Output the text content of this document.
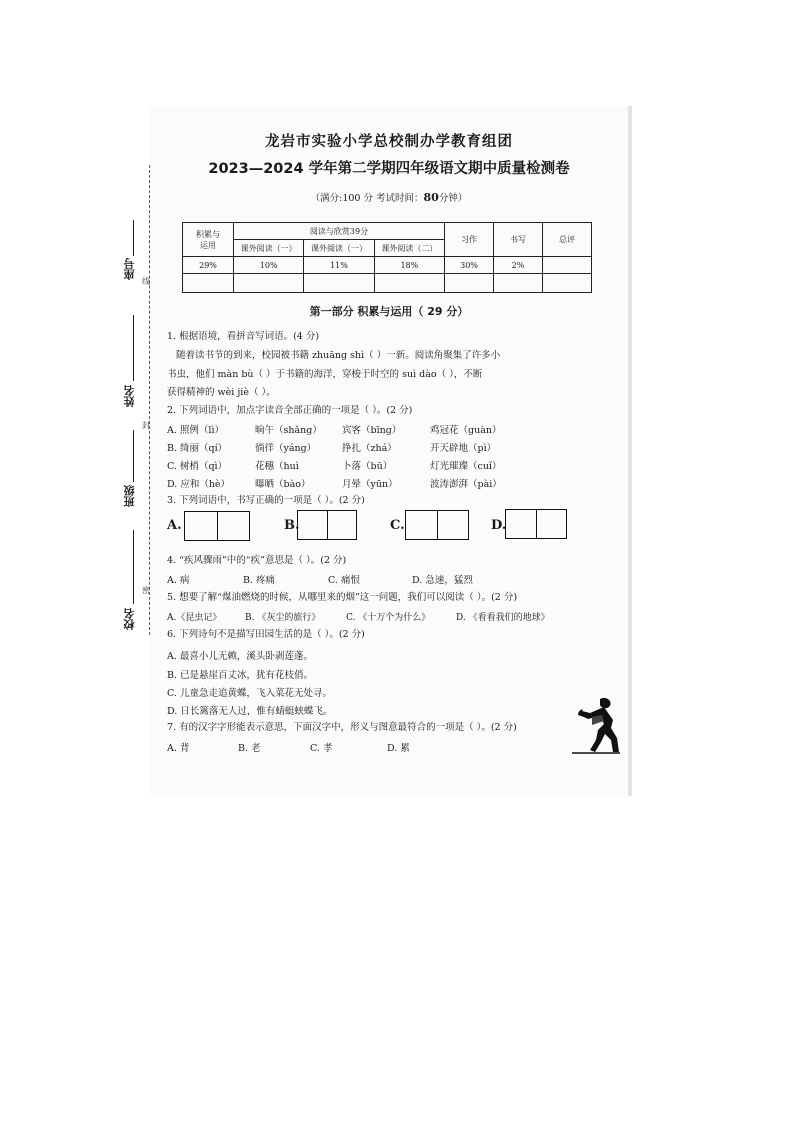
龙岩市实验小学总校制办学教育组团
2023—2024 学年第二学期四年级语文期中质量检测卷
（满分:100 分 考试时间：80分钟）
座号
姓名
班级
校名
线
封
密
积累与
运用	阅读与欣赏39分			习作	书写	总评
	课外阅读（一）	课外阅读（一）	课外阅读（二）			
29%	10%	11%	18%	30%	2%	

第一部分 积累与运用（ 29 分）
1. 根据语境，看拼音写词语。(4 分)
随着读书节的到来，校园被书籍 zhuāng shì（ ）一新。阅读角聚集了许多小
书虫，他们 màn bù（ ）于书籍的海洋，穿梭于时空的 suì dào（ ），不断
获得精神的 wèi jiè（ ）。
2. 下列词语中，加点字读音全部正确的一项是（ ）。(2 分)
A. 照例（lì）	晌午（shǎng） 宾客（bīng）	鸡冠花（guàn）
B. 绮丽（qí）	徜徉（yáng）	挣扎（zhá）	开天辟地（pì）
C. 树梢（qì）	花穗（huì	卜落（bū）	灯光璀璨（cuǐ）
D. 应和（hè）	曝晒（bào）	月晕（yūn）	波涛澎湃（pài）
3. 下列词语中，书写正确的一项是（ ）。(2 分)
A.	B.	C.	D.
4. “疾风骤雨”中的“疾”意思是（ ）。(2 分)
A. 病	B. 疼痛	C. 痛恨	D. 急速，猛烈
5. 想要了解“煤油燃烧的时候，从哪里来的烟”这一问题，我们可以阅读（ ）。(2 分)
A.《昆虫记》	B. 《灰尘的旅行》	C. 《十万个为什么》	D. 《看看我们的地球》
6. 下列诗句不是描写田园生活的是（ ）。(2 分)
A. 最喜小儿无赖，溪头卧剥莲蓬。
B. 已是悬崖百丈冰，犹有花枝俏。
C. 儿童急走追黄蝶，飞入菜花无处寻。
D. 日长篱落无人过，惟有蜻蜓蛱蝶飞。
7. 有的汉字字形能表示意思，下面汉字中，形义与图意最符合的一项是（ ）。(2 分)
A. 背	B. 老	C. 孝	D. 累
